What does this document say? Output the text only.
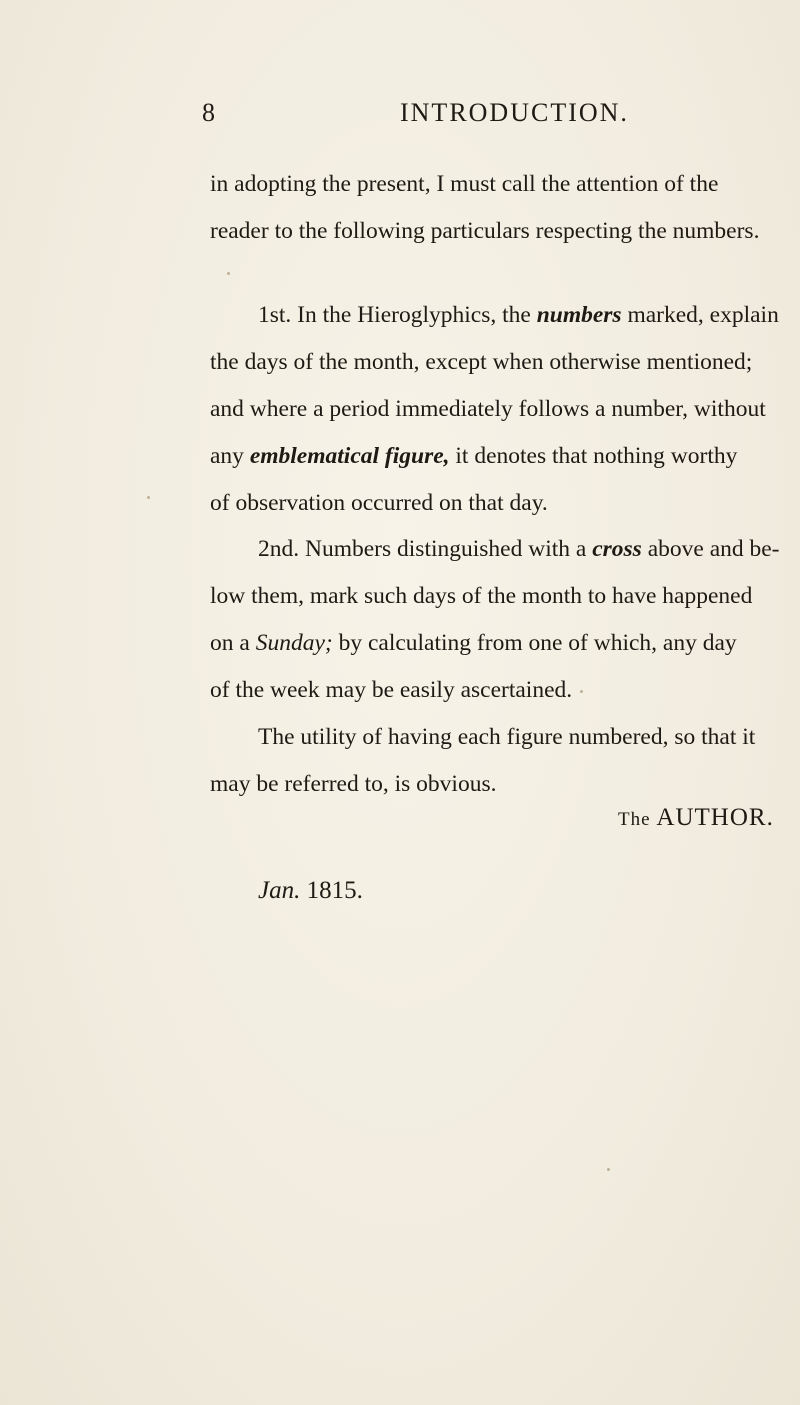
8	INTRODUCTION.

in adopting the present, I must call the attention of the
reader to the following particulars respecting the numbers.

1st. In the Hieroglyphics, the numbers marked, explain
the days of the month, except when otherwise mentioned;
and where a period immediately follows a number, without
any emblematical figure, it denotes that nothing worthy
of observation occurred on that day.

2nd. Numbers distinguished with a cross above and be-
low them, mark such days of the month to have happened
on a Sunday; by calculating from one of which, any day
of the week may be easily ascertained.

The utility of having each figure numbered, so that it
may be referred to, is obvious.

The AUTHOR.
Jan. 1815.
